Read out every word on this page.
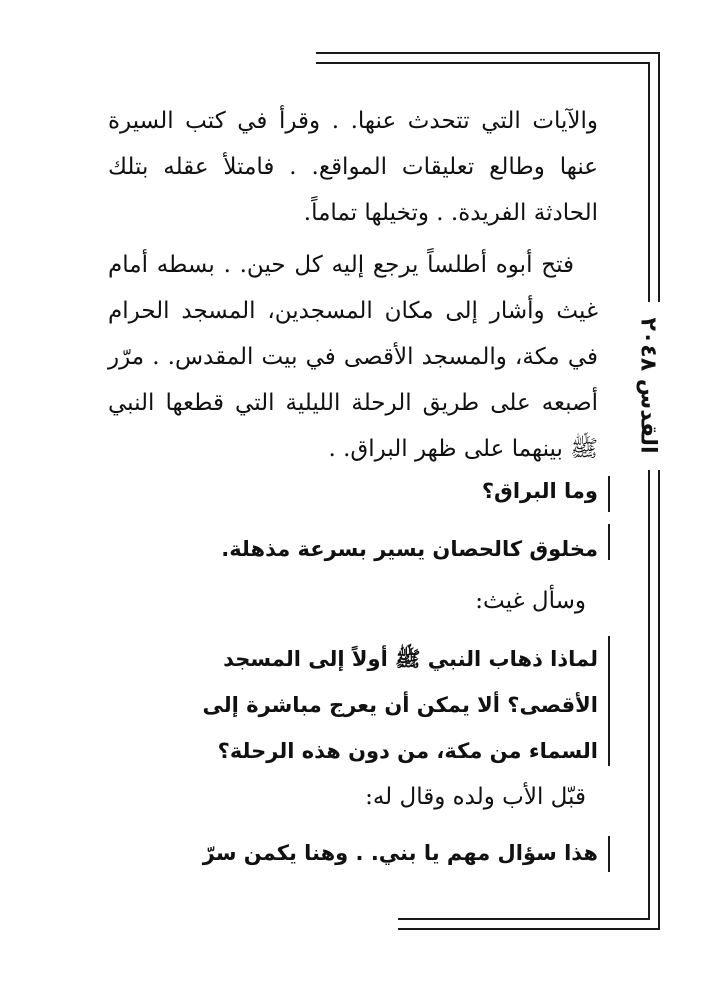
القدس ٢٠٤٨
والآيات التي تتحدث عنها. . وقرأ في كتب السيرة عنها وطالع تعليقات المواقع. . فامتلأ عقله بتلك الحادثة الفريدة. . وتخيلها تماماً.
فتح أبوه أطلساً يرجع إليه كل حين. . بسطه أمام غيث وأشار إلى مكان المسجدين، المسجد الحرام في مكة، والمسجد الأقصى في بيت المقدس. . مرّر أصبعه على طريق الرحلة الليلية التي قطعها النبي ﷺ بينهما على ظهر البراق. .
وما البراق؟
مخلوق كالحصان يسير بسرعة مذهلة.
وسأل غيث:
لماذا ذهاب النبي ﷺ أولاً إلى المسجد
الأقصى؟ ألا يمكن أن يعرج مباشرة إلى
السماء من مكة، من دون هذه الرحلة؟
قبّل الأب ولده وقال له:
هذا سؤال مهم يا بني. . وهنا يكمن سرّ
